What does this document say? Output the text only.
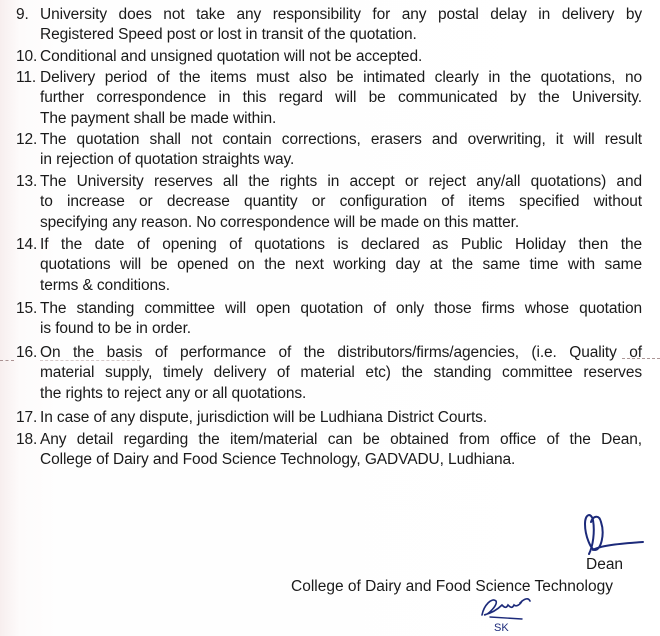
9. University does not take any responsibility for any postal delay in delivery by
Registered Speed post or lost in transit of the quotation.
10. Conditional and unsigned quotation will not be accepted.
11. Delivery period of the items must also be intimated clearly in the quotations, no
further correspondence in this regard will be communicated by the University.
The payment shall be made within.
12. The quotation shall not contain corrections, erasers and overwriting, it will result
in rejection of quotation straights way.
13. The University reserves all the rights in accept or reject any/all quotations) and
to increase or decrease quantity or configuration of items specified without
specifying any reason. No correspondence will be made on this matter.
14. If the date of opening of quotations is declared as Public Holiday then the
quotations will be opened on the next working day at the same time with same
terms & conditions.
15. The standing committee will open quotation of only those firms whose quotation
is found to be in order.
16. On the basis of performance of the distributors/firms/agencies, (i.e. Quality of
material supply, timely delivery of material etc) the standing committee reserves
the rights to reject any or all quotations.
17. In case of any dispute, jurisdiction will be Ludhiana District Courts.
18. Any detail regarding the item/material can be obtained from office of the Dean,
College of Dairy and Food Science Technology, GADVADU, Ludhiana.
Dean
College of Dairy and Food Science Technology
SK
